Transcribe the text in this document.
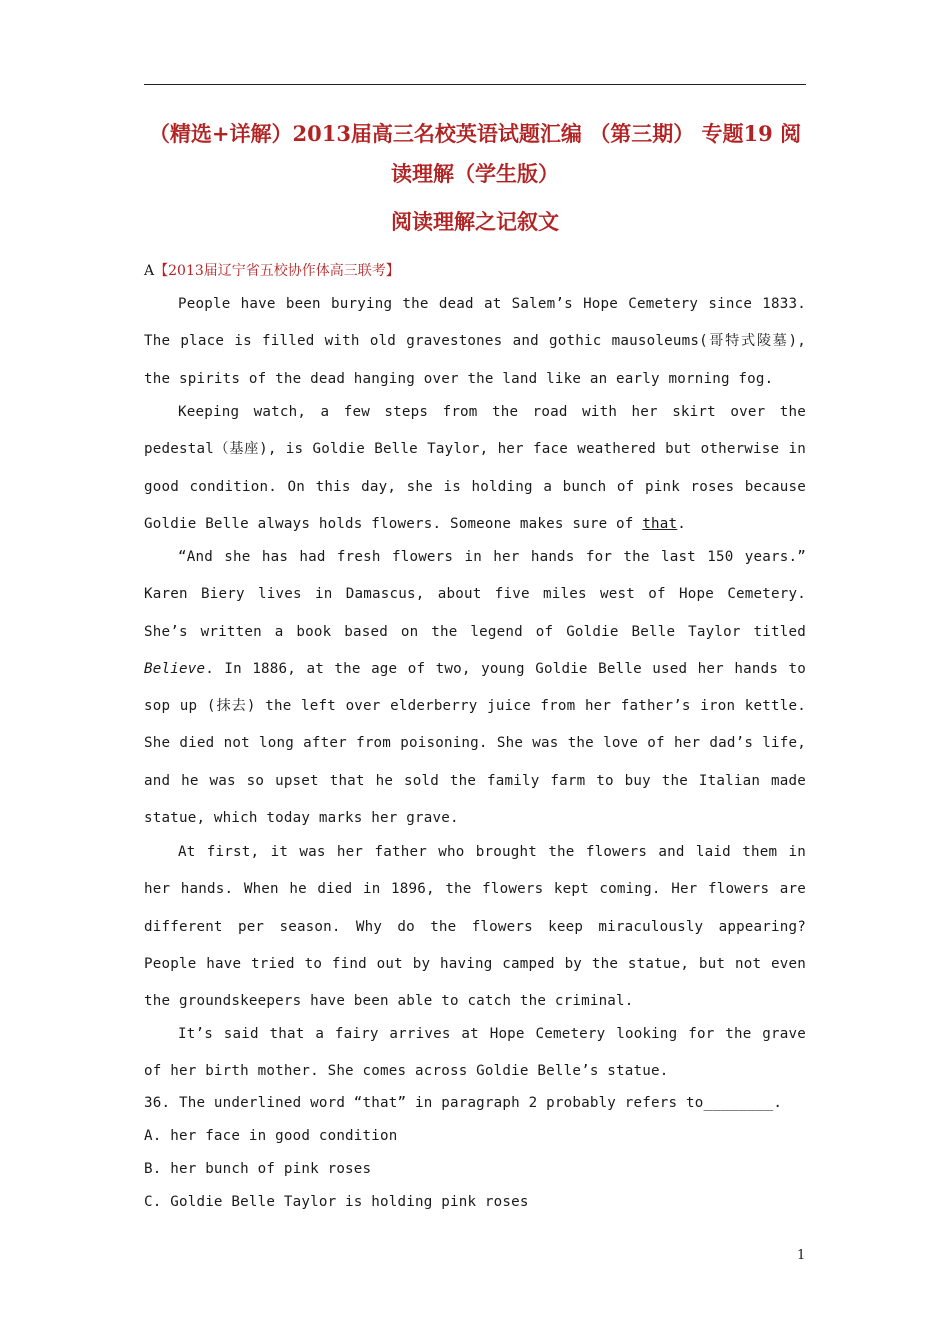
（精选+详解）2013届高三名校英语试题汇编 （第三期） 专题19 阅
读理解（学生版）
阅读理解之记叙文
A【2013届辽宁省五校协作体高三联考】

People have been burying the dead at Salem’s Hope Cemetery since 1833. The place is filled with old gravestones and gothic mausoleums(哥特式陵墓), the spirits of the dead hanging over the land like an early morning fog.

Keeping watch, a few steps from the road with her skirt over the pedestal（基座), is Goldie Belle Taylor, her face weathered but otherwise in good condition. On this day, she is holding a bunch of pink roses because Goldie Belle always holds flowers. Someone makes sure of that.

“And she has had fresh flowers in her hands for the last 150 years.” Karen Biery lives in Damascus, about five miles west of Hope Cemetery. She’s written a book based on the legend of Goldie Belle Taylor titled Believe. In 1886, at the age of two, young Goldie Belle used her hands to sop up (抹去) the left over elderberry juice from her father’s iron kettle. She died not long after from poisoning. She was the love of her dad’s life, and he was so upset that he sold the family farm to buy the Italian made statue, which today marks her grave.

At first, it was her father who brought the flowers and laid them in her hands. When he died in 1896, the flowers kept coming. Her flowers are different per season. Why do the flowers keep miraculously appearing? People have tried to find out by having camped by the statue, but not even the groundskeepers have been able to catch the criminal.

It’s said that a fairy arrives at Hope Cemetery looking for the grave of her birth mother. She comes across Goldie Belle’s statue.

36. The underlined word “that” in paragraph 2 probably refers to________.

A. her face in good condition

B. her bunch of pink roses

C. Goldie Belle Taylor is holding pink roses

1
